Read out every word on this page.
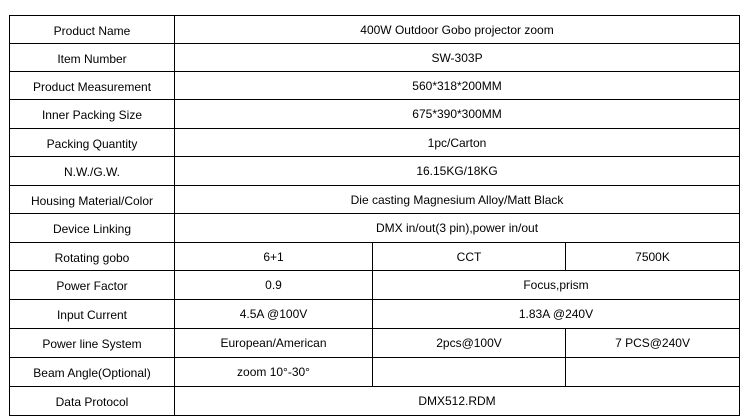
Product Name	400W Outdoor Gobo projector zoom		
Item Number	SW-303P		
Product Measurement	560*318*200MM		
Inner Packing Size	675*390*300MM		
Packing Quantity	1pc/Carton		
N.W./G.W.	16.15KG/18KG		
Housing Material/Color	Die casting Magnesium Alloy/Matt Black		
Device Linking	DMX in/out(3 pin),power in/out		
Rotating gobo	6+1	CCT	7500K
Power Factor	0.9	Focus,prism	
Input Current	4.5A @100V	1.83A @240V	
Power line System	European/American	2pcs@100V	7 PCS@240V
Beam Angle(Optional)	zoom 10°-30°		
Data Protocol	DMX512.RDM		
